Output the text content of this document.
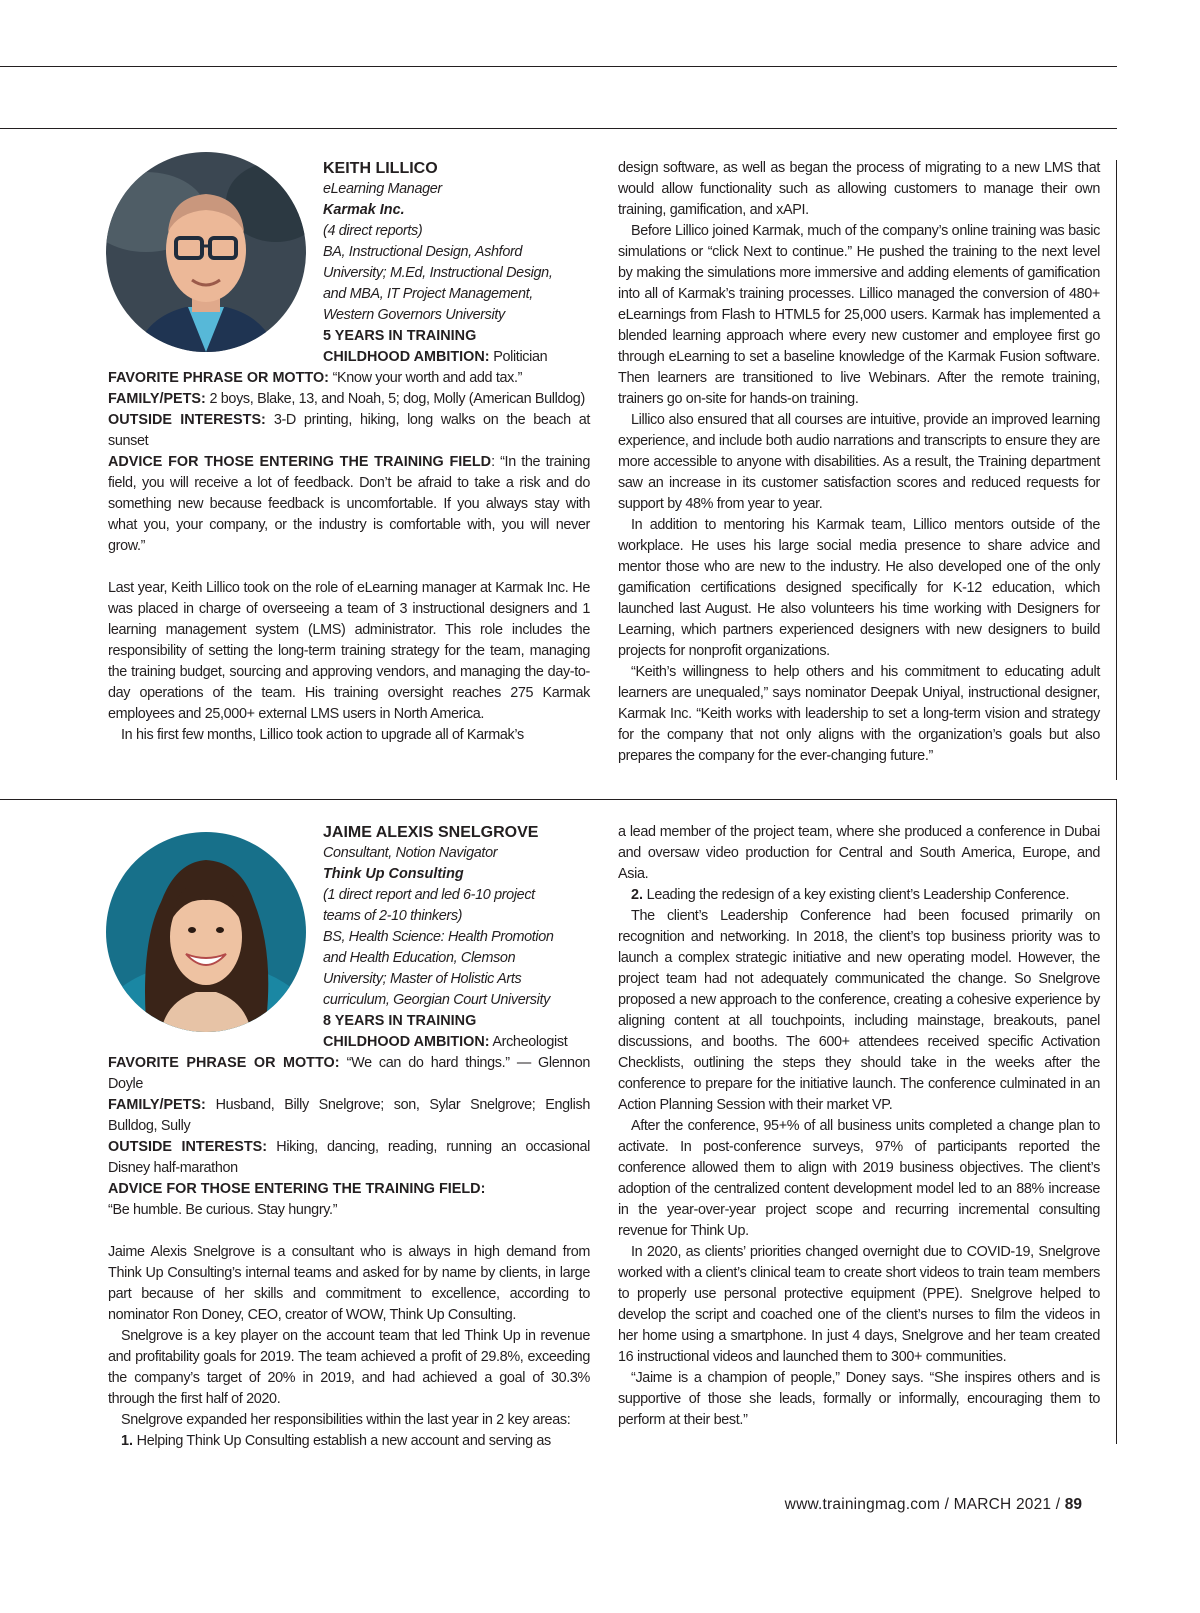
KEITH LILLICO
eLearning Manager
Karmak Inc.
(4 direct reports)
BA, Instructional Design, Ashford
University; M.Ed, Instructional Design,
and MBA, IT Project Management,
Western Governors University
5 YEARS IN TRAINING
CHILDHOOD AMBITION: Politician

FAVORITE PHRASE OR MOTTO: “Know your worth and add tax.”

FAMILY/PETS: 2 boys, Blake, 13, and Noah, 5; dog, Molly (American Bulldog)

OUTSIDE INTERESTS: 3-D printing, hiking, long walks on the beach at sunset

ADVICE FOR THOSE ENTERING THE TRAINING FIELD: “In the training field, you will receive a lot of feedback. Don’t be afraid to take a risk and do something new because feedback is uncomfortable. If you always stay with what you, your company, or the industry is comfortable with, you will never grow.”

Last year, Keith Lillico took on the role of eLearning manager at Karmak Inc. He was placed in charge of overseeing a team of 3 instructional designers and 1 learning management system (LMS) administrator. This role includes the responsibility of setting the long-term training strategy for the team, managing the training budget, sourcing and approving vendors, and managing the day-to-day operations of the team. His training oversight reaches 275 Karmak employees and 25,000+ external LMS users in North America.

In his first few months, Lillico took action to upgrade all of Karmak’s

design software, as well as began the process of migrating to a new LMS that would allow functionality such as allowing customers to manage their own training, gamification, and xAPI.

Before Lillico joined Karmak, much of the company’s online training was basic simulations or “click Next to continue.” He pushed the training to the next level by making the simulations more immersive and adding elements of gamification into all of Karmak’s training processes. Lillico managed the conversion of 480+ eLearnings from Flash to HTML5 for 25,000 users. Karmak has implemented a blended learning approach where every new customer and employee first go through eLearning to set a baseline knowledge of the Karmak Fusion software. Then learners are transitioned to live Webinars. After the remote training, trainers go on-site for hands-on training.

Lillico also ensured that all courses are intuitive, provide an improved learning experience, and include both audio narrations and transcripts to ensure they are more accessible to anyone with disabilities. As a result, the Training department saw an increase in its customer satisfaction scores and reduced requests for support by 48% from year to year.

In addition to mentoring his Karmak team, Lillico mentors outside of the workplace. He uses his large social media presence to share advice and mentor those who are new to the industry. He also developed one of the only gamification certifications designed specifically for K-12 education, which launched last August. He also volunteers his time working with Designers for Learning, which partners experienced designers with new designers to build projects for nonprofit organizations.

“Keith’s willingness to help others and his commitment to educating adult learners are unequaled,” says nominator Deepak Uniyal, instructional designer, Karmak Inc. “Keith works with leadership to set a long-term vision and strategy for the company that not only aligns with the organization’s goals but also prepares the company for the ever-changing future.”

JAIME ALEXIS SNELGROVE
Consultant, Notion Navigator
Think Up Consulting
(1 direct report and led 6-10 project
teams of 2-10 thinkers)
BS, Health Science: Health Promotion
and Health Education, Clemson
University; Master of Holistic Arts
curriculum, Georgian Court University
8 YEARS IN TRAINING
CHILDHOOD AMBITION: Archeologist

FAVORITE PHRASE OR MOTTO: “We can do hard things.” — Glennon Doyle

FAMILY/PETS: Husband, Billy Snelgrove; son, Sylar Snelgrove; English Bulldog, Sully

OUTSIDE INTERESTS: Hiking, dancing, reading, running an occasional Disney half-marathon

ADVICE FOR THOSE ENTERING THE TRAINING FIELD:
“Be humble. Be curious. Stay hungry.”

Jaime Alexis Snelgrove is a consultant who is always in high demand from Think Up Consulting’s internal teams and asked for by name by clients, in large part because of her skills and commitment to excellence, according to nominator Ron Doney, CEO, creator of WOW, Think Up Consulting.

Snelgrove is a key player on the account team that led Think Up in revenue and profitability goals for 2019. The team achieved a profit of 29.8%, exceeding the company’s target of 20% in 2019, and had achieved a goal of 30.3% through the first half of 2020.

Snelgrove expanded her responsibilities within the last year in 2 key areas:

1. Helping Think Up Consulting establish a new account and serving as

a lead member of the project team, where she produced a conference in Dubai and oversaw video production for Central and South America, Europe, and Asia.

2. Leading the redesign of a key existing client’s Leadership Conference.

The client’s Leadership Conference had been focused primarily on recognition and networking. In 2018, the client’s top business priority was to launch a complex strategic initiative and new operating model. However, the project team had not adequately communicated the change. So Snelgrove proposed a new approach to the conference, creating a cohesive experience by aligning content at all touchpoints, including mainstage, breakouts, panel discussions, and booths. The 600+ attendees received specific Activation Checklists, outlining the steps they should take in the weeks after the conference to prepare for the initiative launch. The conference culminated in an Action Planning Session with their market VP.

After the conference, 95+% of all business units completed a change plan to activate. In post-conference surveys, 97% of participants reported the conference allowed them to align with 2019 business objectives. The client’s adoption of the centralized content development model led to an 88% increase in the year-over-year project scope and recurring incremental consulting revenue for Think Up.

In 2020, as clients’ priorities changed overnight due to COVID-19, Snelgrove worked with a client’s clinical team to create short videos to train team members to properly use personal protective equipment (PPE). Snelgrove helped to develop the script and coached one of the client’s nurses to film the videos in her home using a smartphone. In just 4 days, Snelgrove and her team created 16 instructional videos and launched them to 300+ communities.

“Jaime is a champion of people,” Doney says. “She inspires others and is supportive of those she leads, formally or informally, encouraging them to perform at their best.”

www.trainingmag.com / MARCH 2021 / 89
